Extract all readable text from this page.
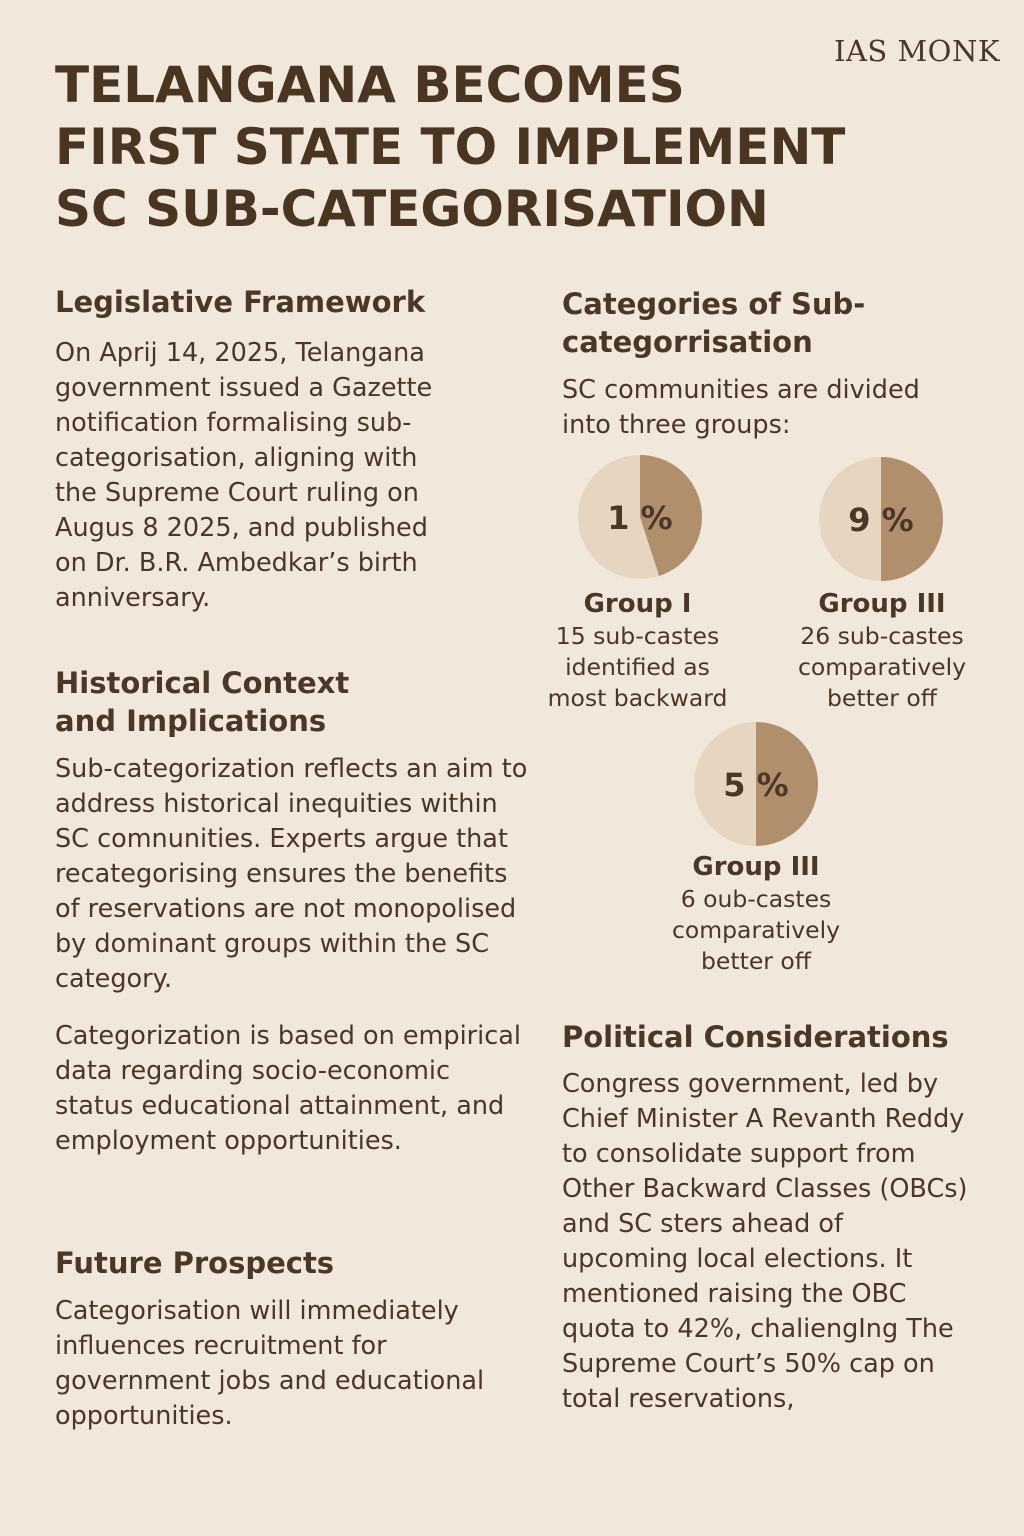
IAS MONK
TELANGANA BECOMES
FIRST STATE TO IMPLEMENT
SC SUB-CATEGORISATION
Legislative Framework

On Aprij 14, 2025, Telangana government issued a Gazette notification formalising sub-categorisation, aligning with the Supreme Court ruling on Augus 8 2025, and published on Dr. B.R. Ambedkar’s birth anniversary.

Historical Context and Implications

Sub-categorization reflects an aim to address historical inequities within SC comnunities. Experts argue that recategorising ensures the benefits of reservations are not monopolised by dominant groups within the SC category.

Categorization is based on empirical data regarding socio-economic status educational attainment, and employment opportunities.

Future Prospects

Categorisation will immediately influences recruitment for government jobs and educational opportunities.

Categories of Sub-categorrisation

SC communities are divided into three groups:

1 %
Group I
15 sub-castes identified as most backward
9 %
Group III
26 sub-castes comparatively better off
5 %
Group III
6 oub-castes comparatively better off
Political Considerations

Congress government, led by Chief Minister A Revanth Reddy to consolidate support from Other Backward Classes (OBCs) and SC sters ahead of upcoming local elections. It mentioned raising the OBC quota to 42%, chaliengIng The Supreme Court’s 50% cap on total reservations,
